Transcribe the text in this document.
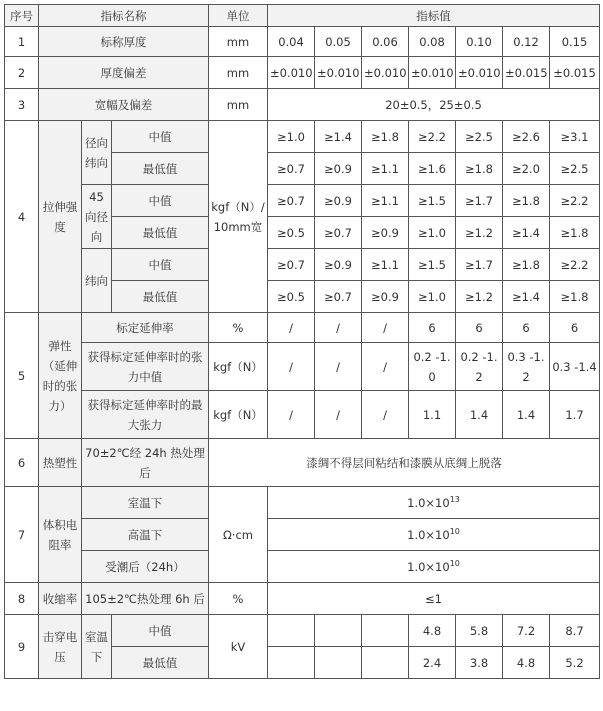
序号	指标名称			单位	指标值						
1	标称厚度			mm	0.04	0.05	0.06	0.08	0.10	0.12	0.15
2	厚度偏差			mm	±0.010	±0.010	±0.010	±0.010	±0.010	±0.015	±0.015
3	宽幅及偏差			mm	20±0.5，25±0.5						
4	拉伸强度	径向纬向	中值	kgf（N）/10mm宽	≥1.0	≥1.4	≥1.8	≥2.2	≥2.5	≥2.6	≥3.1
			最低值		≥0.7	≥0.9	≥1.1	≥1.6	≥1.8	≥2.0	≥2.5
		45 向径向	中值		≥0.7	≥0.9	≥1.1	≥1.5	≥1.7	≥1.8	≥2.2
			最低值		≥0.5	≥0.7	≥0.9	≥1.0	≥1.2	≥1.4	≥1.8
		纬向	中值		≥0.7	≥0.9	≥1.1	≥1.5	≥1.7	≥1.8	≥2.2
			最低值		≥0.5	≥0.7	≥0.9	≥1.0	≥1.2	≥1.4	≥1.8
5	弹性（延伸时的张力）	标定延伸率		%	/	/	/	6	6	6	6
		获得标定延伸率时的张力中值		kgf（N）	/	/	/	0.2 -1.0	0.2 -1.2	0.3 -1.2	0.3 -1.4
		获得标定延伸率时的最大张力		kgf（N）	/	/	/	1.1	1.4	1.4	1.7
6	热塑性	70±2℃经 24h 热处理后		漆绸不得层间粘结和漆膜从底绸上脱落							
7	体积电阻率	室温下		Ω·cm	$1.0\times 10^{13}$
		高温下			$1.0\times 10^{10}$
		受潮后（24h）			$1.0\times 10^{10}$
8	收缩率	105±2℃热处理 6h 后		%	≤1						
9	击穿电压	室温下	中值	kV				4.8	5.8	7.2	8.7
			最低值					2.4	3.8	4.8	5.2
